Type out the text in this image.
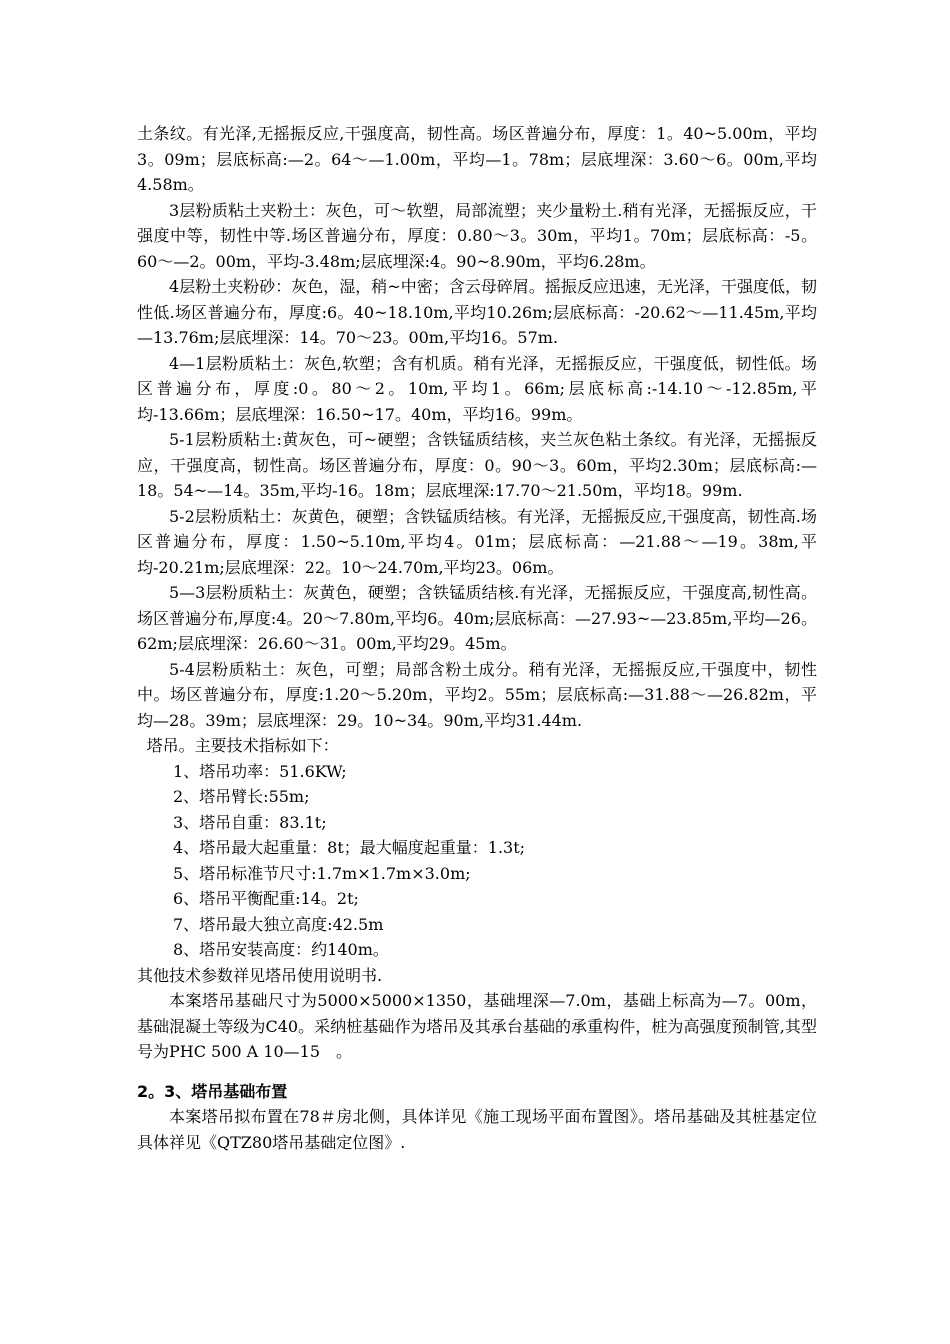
土条纹。有光泽,无摇振反应,干强度高，韧性高。场区普遍分布，厚度：1。40~5.00m，平均3。09m；层底标高:—2。64～—1.00m，平均—1。78m；层底埋深：3.60～6。00m,平均4.58m。

3层粉质粘土夹粉土：灰色，可～软塑，局部流塑；夹少量粉土.稍有光泽，无摇振反应，干强度中等，韧性中等.场区普遍分布，厚度：0.80～3。30m，平均1。70m；层底标高：-5。60～—2。00m，平均-3.48m;层底埋深:4。90~8.90m，平均6.28m。

4层粉土夹粉砂：灰色，湿，稍~中密；含云母碎屑。摇振反应迅速，无光泽，干强度低，韧性低.场区普遍分布，厚度:6。40~18.10m,平均10.26m;层底标高：-20.62～—11.45m,平均—13.76m;层底埋深：14。70～23。00m,平均16。57m.

4—1层粉质粘土：灰色,软塑；含有机质。稍有光泽，无摇振反应，干强度低，韧性低。场区普遍分布，厚度:0。80～2。10m,平均1。66m;层底标高:-14.10～-12.85m,平均-13.66m；层底埋深：16.50~17。40m，平均16。99m。

5-1层粉质粘土:黄灰色，可~硬塑；含铁锰质结核，夹兰灰色粘土条纹。有光泽，无摇振反应，干强度高，韧性高。场区普遍分布，厚度：0。90～3。60m，平均2.30m；层底标高:—18。54~—14。35m,平均-16。18m；层底埋深:17.70～21.50m，平均18。99m.

5-2层粉质粘土：灰黄色，硬塑；含铁锰质结核。有光泽，无摇振反应,干强度高，韧性高.场区普遍分布，厚度：1.50~5.10m,平均4。01m；层底标高：—21.88～—19。38m,平均-20.21m;层底埋深：22。10～24.70m,平均23。06m。

5—3层粉质粘土：灰黄色，硬塑；含铁锰质结核.有光泽，无摇振反应，干强度高,韧性高。场区普遍分布,厚度:4。20～7.80m,平均6。40m;层底标高：—27.93~—23.85m,平均—26。62m;层底埋深：26.60～31。00m,平均29。45m。

5-4层粉质粘土：灰色，可塑；局部含粉土成分。稍有光泽，无摇振反应,干强度中，韧性中。场区普遍分布，厚度:1.20～5.20m，平均2。55m；层底标高:—31.88～—26.82m，平均—28。39m；层底埋深：29。10~34。90m,平均31.44m.

塔吊。主要技术指标如下：

1、塔吊功率：51.6KW;

2、塔吊臂长:55m;

3、塔吊自重：83.1t;

4、塔吊最大起重量：8t；最大幅度起重量：1.3t;

5、塔吊标准节尺寸:1.7m×1.7m×3.0m;

6、塔吊平衡配重:14。2t;

7、塔吊最大独立高度:42.5m

8、塔吊安装高度：约140m。

其他技术参数祥见塔吊使用说明书.

本案塔吊基础尺寸为5000×5000×1350，基础埋深—7.0m，基础上标高为—7。00m，基础混凝土等级为C40。采纳桩基础作为塔吊及其承台基础的承重构件，桩为高强度预制管,其型号为PHC 500 A 10—15　。

2。3、塔吊基础布置

本案塔吊拟布置在78＃房北侧，具体详见《施工现场平面布置图》。塔吊基础及其桩基定位具体祥见《QTZ80塔吊基础定位图》.
